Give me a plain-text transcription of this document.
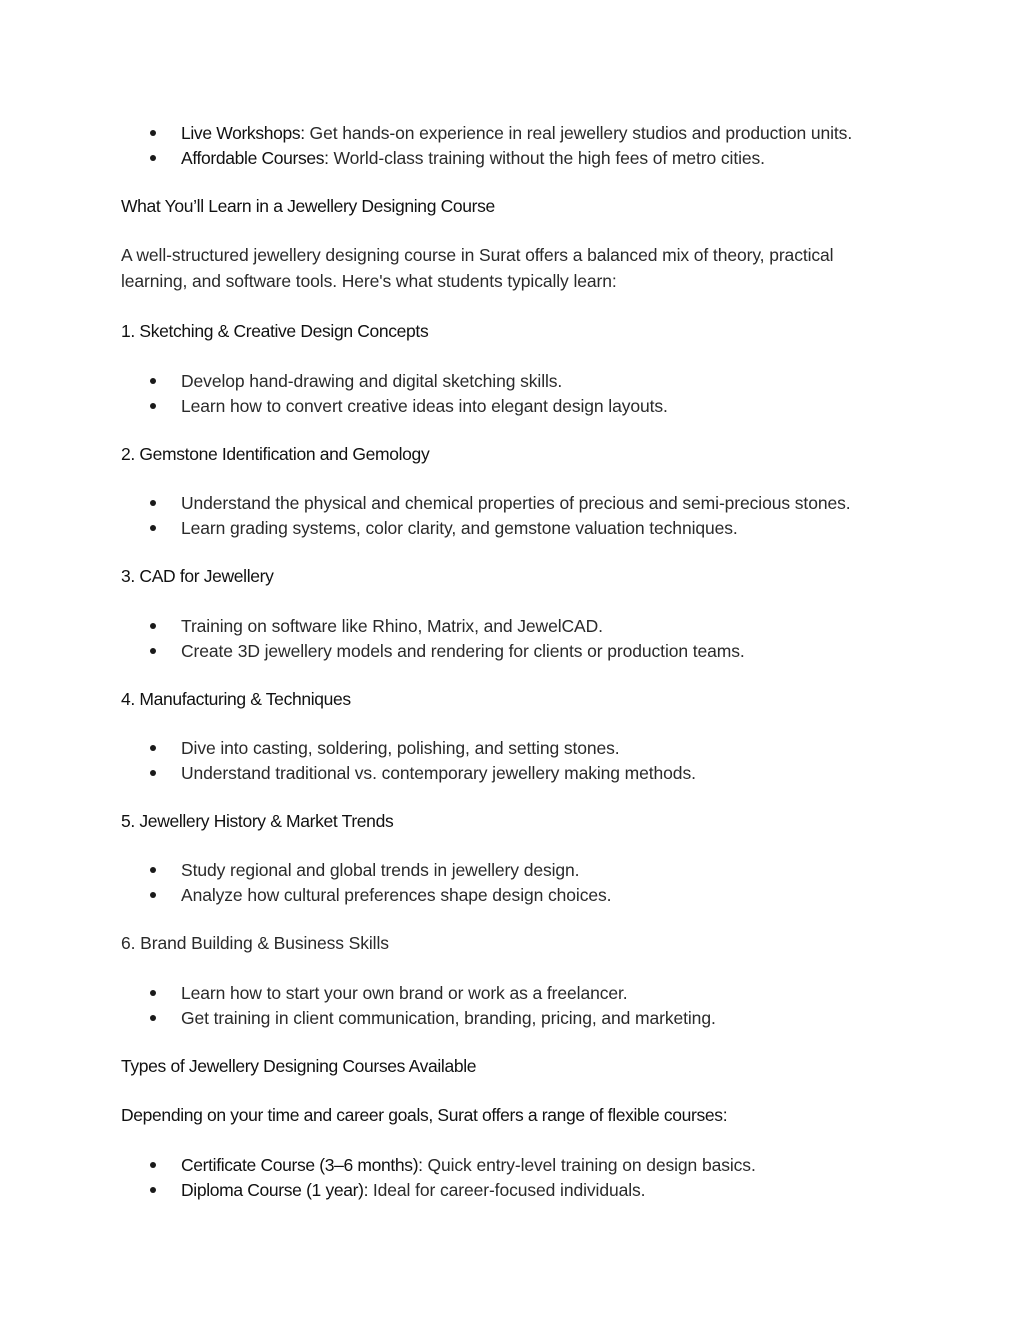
Live Workshops: Get hands-on experience in real jewellery studios and production units.
Affordable Courses: World-class training without the high fees of metro cities.
What You’ll Learn in a Jewellery Designing Course
A well-structured jewellery designing course in Surat offers a balanced mix of theory, practical learning, and software tools. Here's what students typically learn:
1. Sketching & Creative Design Concepts
Develop hand-drawing and digital sketching skills.
Learn how to convert creative ideas into elegant design layouts.
2. Gemstone Identification and Gemology
Understand the physical and chemical properties of precious and semi-precious stones.
Learn grading systems, color clarity, and gemstone valuation techniques.
3. CAD for Jewellery
Training on software like Rhino, Matrix, and JewelCAD.
Create 3D jewellery models and rendering for clients or production teams.
4. Manufacturing & Techniques
Dive into casting, soldering, polishing, and setting stones.
Understand traditional vs. contemporary jewellery making methods.
5. Jewellery History & Market Trends
Study regional and global trends in jewellery design.
Analyze how cultural preferences shape design choices.
6. Brand Building & Business Skills
Learn how to start your own brand or work as a freelancer.
Get training in client communication, branding, pricing, and marketing.
Types of Jewellery Designing Courses Available
Depending on your time and career goals, Surat offers a range of flexible courses:
Certificate Course (3–6 months): Quick entry-level training on design basics.
Diploma Course (1 year): Ideal for career-focused individuals.
